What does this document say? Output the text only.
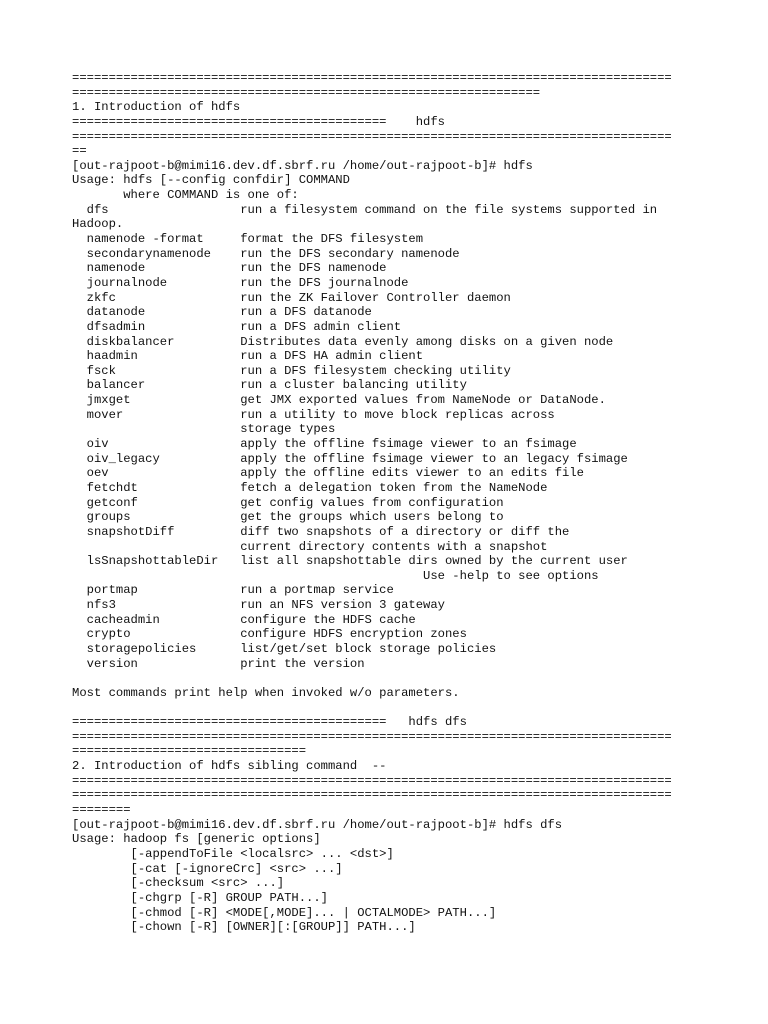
==================================================================================
================================================================
1. Introduction of hdfs
===========================================    hdfs
==================================================================================
==
[out-rajpoot-b@mimi16.dev.df.sbrf.ru /home/out-rajpoot-b]# hdfs
Usage: hdfs [--config confdir] COMMAND
where COMMAND is one of:
dfs                  run a filesystem command on the file systems supported in
Hadoop.
namenode -format     format the DFS filesystem
secondarynamenode    run the DFS secondary namenode
namenode             run the DFS namenode
journalnode          run the DFS journalnode
zkfc                 run the ZK Failover Controller daemon
datanode             run a DFS datanode
dfsadmin             run a DFS admin client
diskbalancer         Distributes data evenly among disks on a given node
haadmin              run a DFS HA admin client
fsck                 run a DFS filesystem checking utility
balancer             run a cluster balancing utility
jmxget               get JMX exported values from NameNode or DataNode.
mover                run a utility to move block replicas across
storage types
oiv                  apply the offline fsimage viewer to an fsimage
oiv_legacy           apply the offline fsimage viewer to an legacy fsimage
oev                  apply the offline edits viewer to an edits file
fetchdt              fetch a delegation token from the NameNode
getconf              get config values from configuration
groups               get the groups which users belong to
snapshotDiff         diff two snapshots of a directory or diff the
current directory contents with a snapshot
lsSnapshottableDir   list all snapshottable dirs owned by the current user
Use -help to see options
portmap              run a portmap service
nfs3                 run an NFS version 3 gateway
cacheadmin           configure the HDFS cache
crypto               configure HDFS encryption zones
storagepolicies      list/get/set block storage policies
version              print the version
Most commands print help when invoked w/o parameters.
===========================================   hdfs dfs
==================================================================================
================================
2. Introduction of hdfs sibling command  --
==================================================================================
==================================================================================
========
[out-rajpoot-b@mimi16.dev.df.sbrf.ru /home/out-rajpoot-b]# hdfs dfs
Usage: hadoop fs [generic options]
[-appendToFile <localsrc> ... <dst>]
[-cat [-ignoreCrc] <src> ...]
[-checksum <src> ...]
[-chgrp [-R] GROUP PATH...]
[-chmod [-R] <MODE[,MODE]... | OCTALMODE> PATH...]
[-chown [-R] [OWNER][:[GROUP]] PATH...]
